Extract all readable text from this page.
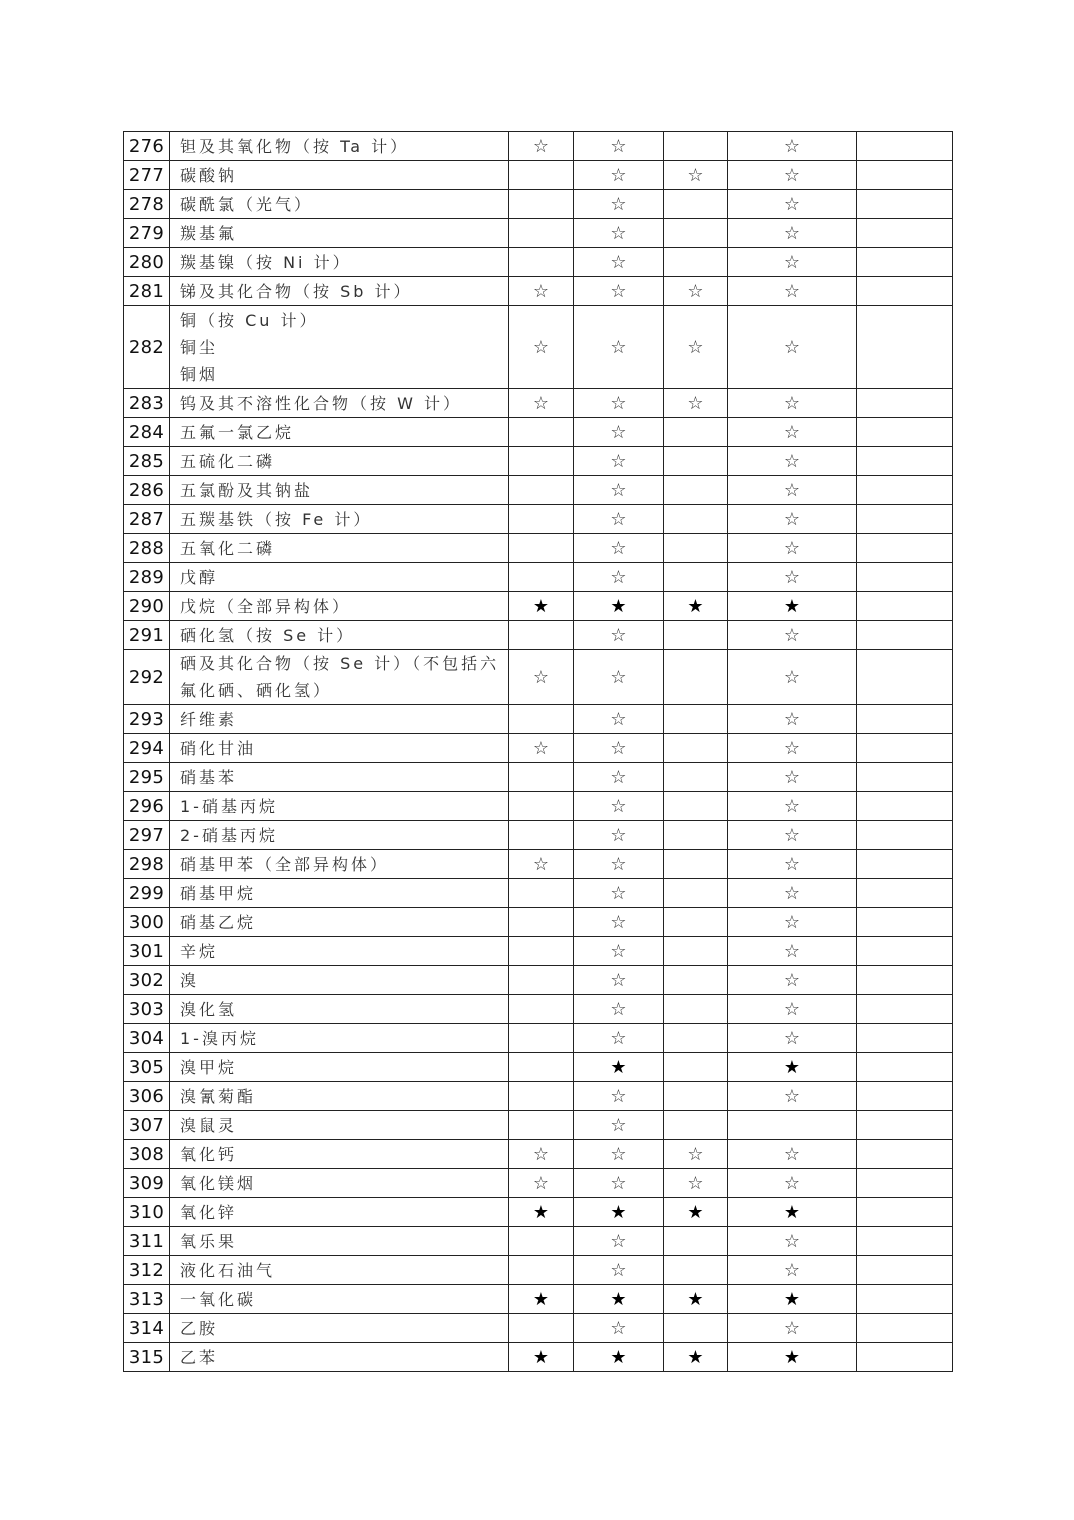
276	钽及其氧化物（按 Ta 计）	☆	☆		☆	
277	碳酸钠		☆	☆	☆	
278	碳酰氯（光气）		☆		☆	
279	羰基氟		☆		☆	
280	羰基镍（按 Ni 计）		☆		☆	
281	锑及其化合物（按 Sb 计）	☆	☆	☆	☆	
282	铜（按 Cu 计）
铜尘
铜烟	☆	☆	☆	☆	
283	钨及其不溶性化合物（按 W 计）	☆	☆	☆	☆	
284	五氟一氯乙烷		☆		☆	
285	五硫化二磷		☆		☆	
286	五氯酚及其钠盐		☆		☆	
287	五羰基铁（按 Fe 计）		☆		☆	
288	五氧化二磷		☆		☆	
289	戊醇		☆		☆	
290	戊烷（全部异构体）	★	★	★	★	
291	硒化氢（按 Se 计）		☆		☆	
292	硒及其化合物（按 Se 计）（不包括六
氟化硒、硒化氢）	☆	☆		☆	
293	纤维素		☆		☆	
294	硝化甘油	☆	☆		☆	
295	硝基苯		☆		☆	
296	1-硝基丙烷		☆		☆	
297	2-硝基丙烷		☆		☆	
298	硝基甲苯（全部异构体）	☆	☆		☆	
299	硝基甲烷		☆		☆	
300	硝基乙烷		☆		☆	
301	辛烷		☆		☆	
302	溴		☆		☆	
303	溴化氢		☆		☆	
304	1-溴丙烷		☆		☆	
305	溴甲烷		★		★	
306	溴氰菊酯		☆		☆	
307	溴鼠灵		☆			
308	氧化钙	☆	☆	☆	☆	
309	氧化镁烟	☆	☆	☆	☆	
310	氧化锌	★	★	★	★	
311	氧乐果		☆		☆	
312	液化石油气		☆		☆	
313	一氧化碳	★	★	★	★	
314	乙胺		☆		☆	
315	乙苯	★	★	★	★	
